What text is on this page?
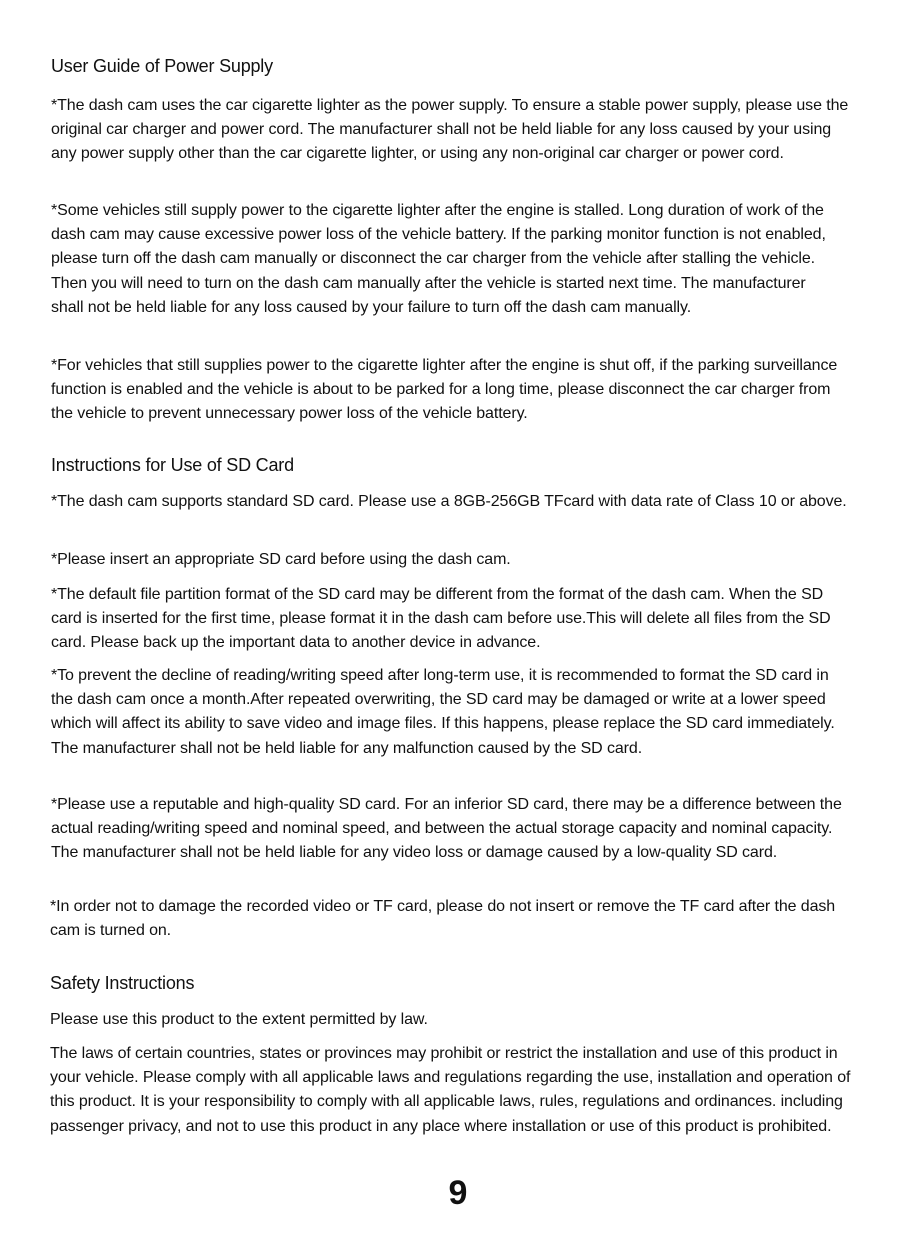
User Guide of Power Supply

*The dash cam uses the car cigarette lighter as the power supply. To ensure a stable power supply, please use the original car charger and power cord. The manufacturer shall not be held liable for any loss caused by your using any power supply other than the car cigarette lighter, or using any non-original car charger or power cord.

*Some vehicles still supply power to the cigarette lighter after the engine is stalled. Long duration of work of the dash cam may cause excessive power loss of the vehicle battery. If the parking monitor function is not enabled, please turn off the dash cam manually or disconnect the car charger from the vehicle after stalling the vehicle. Then you will need to turn on the dash cam manually after the vehicle is started next time. The manufacturer shall not be held liable for any loss caused by your failure to turn off the dash cam manually.

*For vehicles that still supplies power to the cigarette lighter after the engine is shut off, if the parking surveillance function is enabled and the vehicle is about to be parked for a long time, please disconnect the car charger from the vehicle to prevent unnecessary power loss of the vehicle battery.

Instructions for Use of SD Card

*The dash cam supports standard SD card. Please use a 8GB-256GB TFcard with data rate of Class 10 or above.

*Please insert an appropriate SD card before using the dash cam.

*The default file partition format of the SD card may be different from the format of the dash cam. When the SD card is inserted for the first time, please format it in the dash cam before use.This will delete all files from the SD card. Please back up the important data to another device in advance.

*To prevent the decline of reading/writing speed after long-term use, it is recommended to format the SD card in the dash cam once a month.After repeated overwriting, the SD card may be damaged or write at a lower speed which will affect its ability to save video and image files. If this happens, please replace the SD card immediately. The manufacturer shall not be held liable for any malfunction caused by the SD card.

*Please use a reputable and high-quality SD card. For an inferior SD card, there may be a difference between the actual reading/writing speed and nominal speed, and between the actual storage capacity and nominal capacity. The manufacturer shall not be held liable for any video loss or damage caused by a low-quality SD card.

*In order not to damage the recorded video or TF card, please do not insert or remove the TF card after the dash cam is turned on.

Safety Instructions

Please use this product to the extent permitted by law.

The laws of certain countries, states or provinces may prohibit or restrict the installation and use of this product in your vehicle. Please comply with all applicable laws and regulations regarding the use, installation and operation of this product. It is your responsibility to comply with all applicable laws, rules, regulations and ordinances. including passenger privacy, and not to use this product in any place where installation or use of this product is prohibited.

9
